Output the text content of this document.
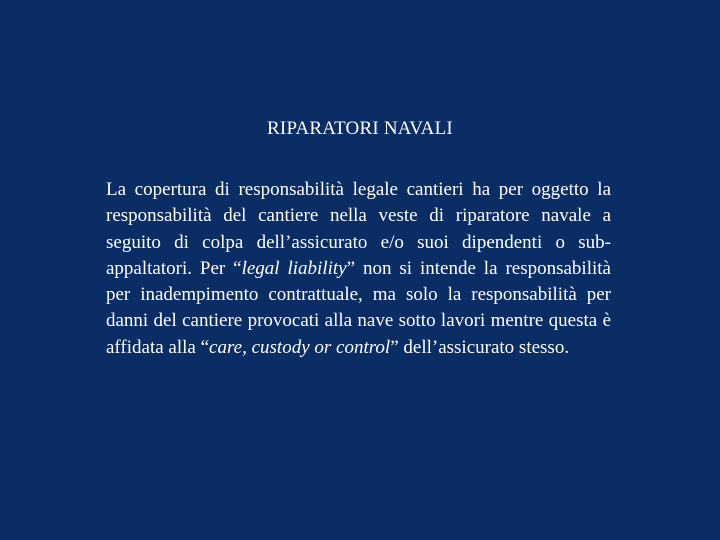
RIPARATORI NAVALI
La copertura di responsabilità legale cantieri ha per oggetto la responsabilità del cantiere nella veste di riparatore navale a seguito di colpa dell’assicurato e/o suoi dipendenti o sub-appaltatori. Per “legal liability” non si intende la responsabilità per inadempimento contrattuale, ma solo la responsabilità per danni del cantiere provocati alla nave sotto lavori mentre questa è affidata alla “care, custody or control” dell’assicurato stesso.
